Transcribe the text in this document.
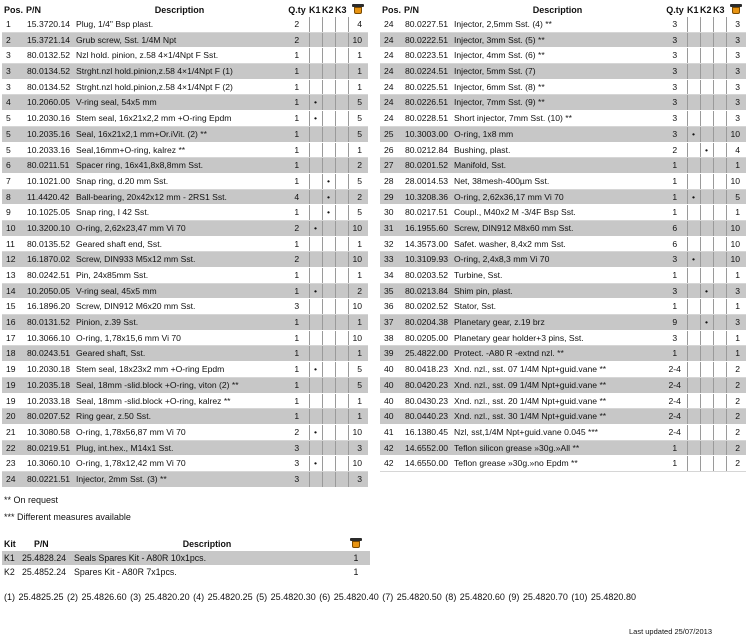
Pos.	P/N	Description	Q.ty	K1	K2	K3		

1	15.3720.14	Plug, 1/4" Bsp plast.	2					4
2	15.3721.14	Grub screw, Sst. 1/4M Npt	2					10
3	80.0132.52	Nzl hold. pinion, z.58 4×1/4Npt F Sst.	1					1
3	80.0134.52	Strght.nzl hold.pinion,z.58 4×1/4Npt F (1)	1					1
3	80.0134.52	Strght.nzl hold.pinion,z.58 4×1/4Npt F (2)	1					1
4	10.2060.05	V-ring seal, 54x5 mm	1	•				5
5	10.2030.16	Stem seal, 16x21x2,2 mm +O-ring Epdm	1	•				5
5	10.2035.16	Seal, 16x21x2,1 mm+Or.iVit. (2) **	1					5
5	10.2033.16	Seal,16mm+O-ring, kalrez **	1					1
6	80.0211.51	Spacer ring, 16x41,8x8,8mm Sst.	1					2
7	10.1021.00	Snap ring, d.20 mm Sst.	1		•			5
8	11.4420.42	Ball-bearing, 20x42x12 mm - 2RS1 Sst.	4		•			2
9	10.1025.05	Snap ring, I 42 Sst.	1		•			5
10	10.3200.10	O-ring, 2,62x23,47 mm Vi 70	2	•				10
11	80.0135.52	Geared shaft end, Sst.	1					1
12	16.1870.02	Screw, DIN933 M5x12 mm Sst.	2					10
13	80.0242.51	Pin, 24x85mm Sst.	1					1
14	10.2050.05	V-ring seal, 45x5 mm	1	•				2
15	16.1896.20	Screw, DIN912 M6x20 mm Sst.	3					10
16	80.0131.52	Pinion, z.39 Sst.	1					1
17	10.3066.10	O-ring, 1,78x15,6 mm Vi 70	1					10
18	80.0243.51	Geared shaft, Sst.	1					1
19	10.2030.18	Stem seal, 18x23x2 mm +O-ring Epdm	1	•				5
19	10.2035.18	Seal, 18mm -slid.block +O-ring, viton (2) **	1					5
19	10.2033.18	Seal, 18mm -slid.block +O-ring, kalrez **	1					1
20	80.0207.52	Ring gear, z.50 Sst.	1					1
21	10.3080.58	O-ring, 1,78x56,87 mm Vi 70	2	•				10
22	80.0219.51	Plug, int.hex., M14x1 Sst.	3					3
23	10.3060.10	O-ring, 1,78x12,42 mm Vi 70	3	•				10
24	80.0221.51	Injector, 2mm Sst. (3) **	3					3
Pos.	P/N	Description	Q.ty	K1	K2	K3		

24	80.0227.51	Injector, 2,5mm Sst. (4) **	3					3
24	80.0222.51	Injector, 3mm Sst. (5) **	3					3
24	80.0223.51	Injector, 4mm Sst. (6) **	3					3
24	80.0224.51	Injector, 5mm Sst. (7)	3					3
24	80.0225.51	Injector, 6mm Sst. (8) **	3					3
24	80.0226.51	Injector, 7mm Sst. (9) **	3					3
24	80.0228.51	Short injector, 7mm Sst. (10) **	3					3
25	10.3003.00	O-ring, 1x8 mm	3	•				10
26	80.0212.84	Bushing, plast.	2		•			4
27	80.0201.52	Manifold, Sst.	1					1
28	28.0014.53	Net, 38mesh-400µm Sst.	1					10
29	10.3208.36	O-ring, 2,62x36,17 mm Vi 70	1	•				5
30	80.0217.51	Coupl., M40x2 M -3/4F Bsp Sst.	1					1
31	16.1955.60	Screw, DIN912 M8x60 mm Sst.	6					10
32	14.3573.00	Safet. washer, 8,4x2 mm Sst.	6					10
33	10.3109.93	O-ring, 2,4x8,3 mm Vi 70	3	•				10
34	80.0203.52	Turbine, Sst.	1					1
35	80.0213.84	Shim pin, plast.	3		•			3
36	80.0202.52	Stator, Sst.	1					1
37	80.0204.38	Planetary gear, z.19 brz	9		•			3
38	80.0205.00	Planetary gear holder+3 pins, Sst.	3					1
39	25.4822.00	Protect. -A80 R -extnd nzl. **	1					1
40	80.0418.23	Xnd. nzl., sst. 07 1/4M Npt+guid.vane **	2-4					2
40	80.0420.23	Xnd. nzl., sst. 09 1/4M Npt+guid.vane **	2-4					2
40	80.0430.23	Xnd. nzl., sst. 20 1/4M Npt+guid.vane **	2-4					2
40	80.0440.23	Xnd. nzl., sst. 30 1/4M Npt+guid.vane **	2-4					2
41	16.1380.45	Nzl, sst,1/4M Npt+guid.vane 0.045 ***	2-4					2
42	14.6552.00	Teflon silicon grease »30g.»All **	1					2
42	14.6550.00	Teflon grease »30g.»no Epdm **	1					2
** On request
*** Different measures available
Kit	P/N	Description	

K1	25.4828.24	Seals Spares Kit - A80R 10x1pcs.	1
K2	25.4852.24	Spares Kit - A80R 7x1pcs.	1
(1) 25.4825.25 (2) 25.4826.60 (3) 25.4820.20 (4) 25.4820.25 (5) 25.4820.30 (6) 25.4820.40 (7) 25.4820.50 (8) 25.4820.60 (9) 25.4820.70 (10) 25.4820.80
Last updated 25/07/2013
